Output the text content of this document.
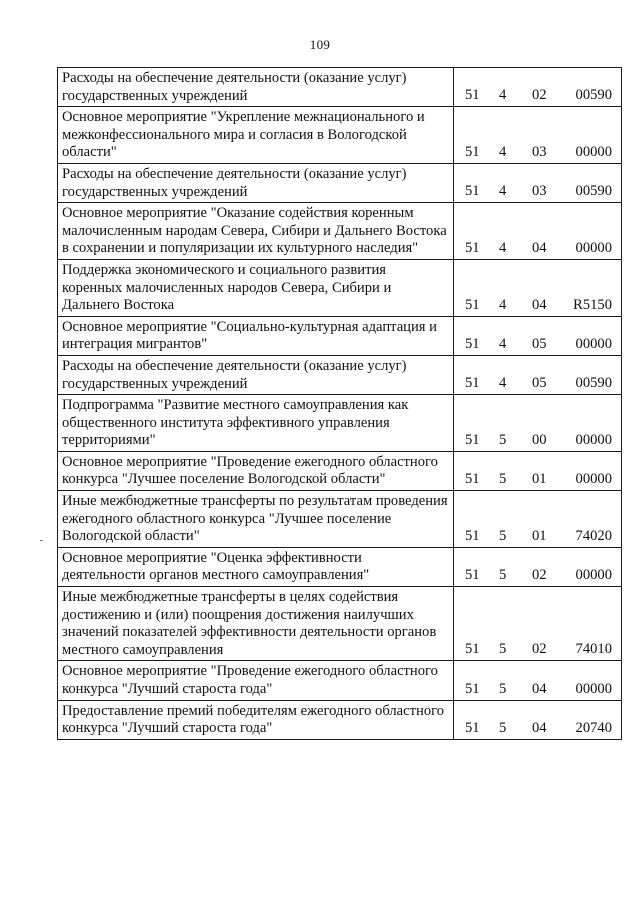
109
Расходы на обеспечение деятельности (оказание услуг) государственных учреждений	51 4 02 00590

Основное мероприятие "Укрепление межнационального и межконфессионального мира и согласия в Вологодской области"	51 4 03 00000

Расходы на обеспечение деятельности (оказание услуг) государственных учреждений	51 4 03 00590

Основное мероприятие "Оказание содействия коренным малочисленным народам Севера, Сибири и Дальнего Востока в сохранении и популяризации их культурного наследия"	51 4 04 00000

Поддержка экономического и социального развития коренных малочисленных народов Севера, Сибири и Дальнего Востока	51 4 04 R5150

Основное мероприятие "Социально-культурная адаптация и интеграция мигрантов"	51 4 05 00000

Расходы на обеспечение деятельности (оказание услуг) государственных учреждений	51 4 05 00590

Подпрограмма "Развитие местного самоуправления как общественного института эффективного управления территориями"	51 5 00 00000

Основное мероприятие "Проведение ежегодного областного конкурса "Лучшее поселение Вологодской области"	51 5 01 00000

Иные межбюджетные трансферты по результатам проведения ежегодного областного конкурса "Лучшее поселение Вологодской области"	51 5 01 74020

Основное мероприятие "Оценка эффективности деятельности органов местного самоуправления"	51 5 02 00000

Иные межбюджетные трансферты в целях содействия достижению и (или) поощрения достижения наилучших значений показателей эффективности деятельности органов местного самоуправления	51 5 02 74010

Основное мероприятие "Проведение ежегодного областного конкурса "Лучший староста года"	51 5 04 00000

Предоставление премий победителям ежегодного областного конкурса "Лучший староста года"	51 5 04 20740
